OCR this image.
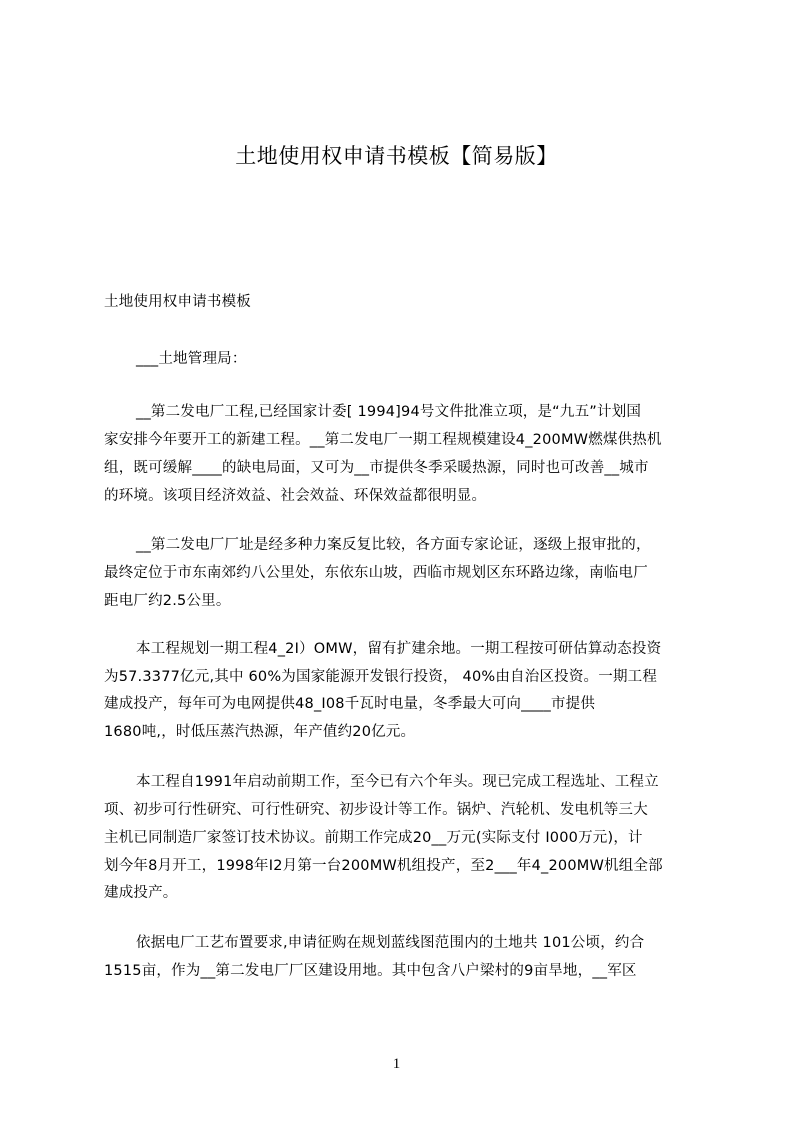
土地使用权申请书模板【简易版】
土地使用权申请书模板
___土地管理局：
__第二发电厂工程,已经国家计委[ 1994]94号文件批准立项，是“九五”计划国
家安排今年要开工的新建工程。__第二发电厂一期工程规模建设4_200MW燃煤供热机
组，既可缓解____的缺电局面，又可为__市提供冬季采暖热源，同时也可改善__城市
的环境。该项目经济效益、社会效益、环保效益都很明显。
__第二发电厂厂址是经多种力案反复比较，各方面专家论证，逐级上报审批的，
最终定位于市东南郊约八公里处，东依东山坡，西临市规划区东环路边缘，南临电厂
距电厂约2.5公里。
本工程规划一期工程4_2I）OMW，留有扩建余地。一期工程按可研估算动态投资
为57.3377亿元,其中 60%为国家能源开发银行投资， 40%由自治区投资。一期工程
建成投产，每年可为电网提供48_I08千瓦时电量，冬季最大可向____市提供
1680吨,，时低压蒸汽热源，年产值约20亿元。
本工程自1991年启动前期工作，至今已有六个年头。现已完成工程选址、工程立
项、初步可行性研究、可行性研究、初步设计等工作。锅炉、汽轮机、发电机等三大
主机已同制造厂家签订技术协议。前期工作完成20__万元(实际支付 I000万元)，计
划今年8月开工，1998年I2月第一台200MW机组投产，至2___年4_200MW机组全部
建成投产。
依据电厂工艺布置要求,申请征购在规划蓝线图范围内的土地共 101公顷，约合
1515亩，作为__第二发电厂厂区建设用地。其中包含八户梁村的9亩旱地，__军区
1
